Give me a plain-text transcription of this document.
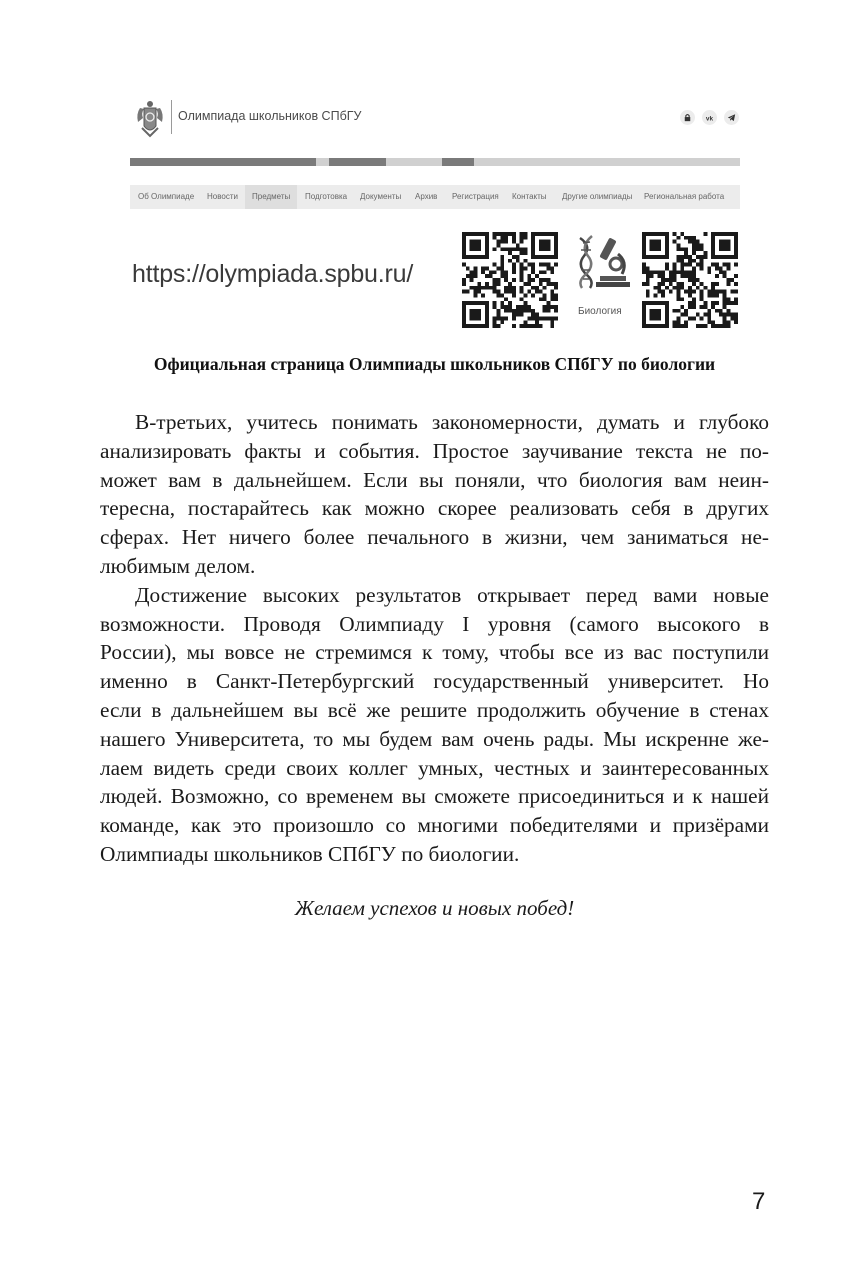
Олимпиада школьников СПбГУ	vk
Об Олимпиаде Новости	Предметы	Подготовка Документы Архив Регистрация Контакты Другие олимпиады Региональная работа
https://olympiada.spbu.ru/
Биология
Официальная страница Олимпиады школьников СПбГУ по биологии
В-третьих, учитесь понимать закономерности, думать и глубоко
анализировать факты и события. Простое заучивание текста не по-
может вам в дальнейшем. Если вы поняли, что биология вам неин-
тересна, постарайтесь как можно скорее реализовать себя в других
сферах. Нет ничего более печального в жизни, чем заниматься не-
любимым делом.
Достижение высоких результатов открывает перед вами новые
возможности. Проводя Олимпиаду I уровня (самого высокого в
России), мы вовсе не стремимся к тому, чтобы все из вас поступили
именно в Санкт-Петербургский государственный университет. Но
если в дальнейшем вы всё же решите продолжить обучение в стенах
нашего Университета, то мы будем вам очень рады. Мы искренне же-
лаем видеть среди своих коллег умных, честных и заинтересованных
людей. Возможно, со временем вы сможете присоединиться и к нашей
команде, как это произошло со многими победителями и призёрами
Олимпиады школьников СПбГУ по биологии.
Желаем успехов и новых побед!
7
